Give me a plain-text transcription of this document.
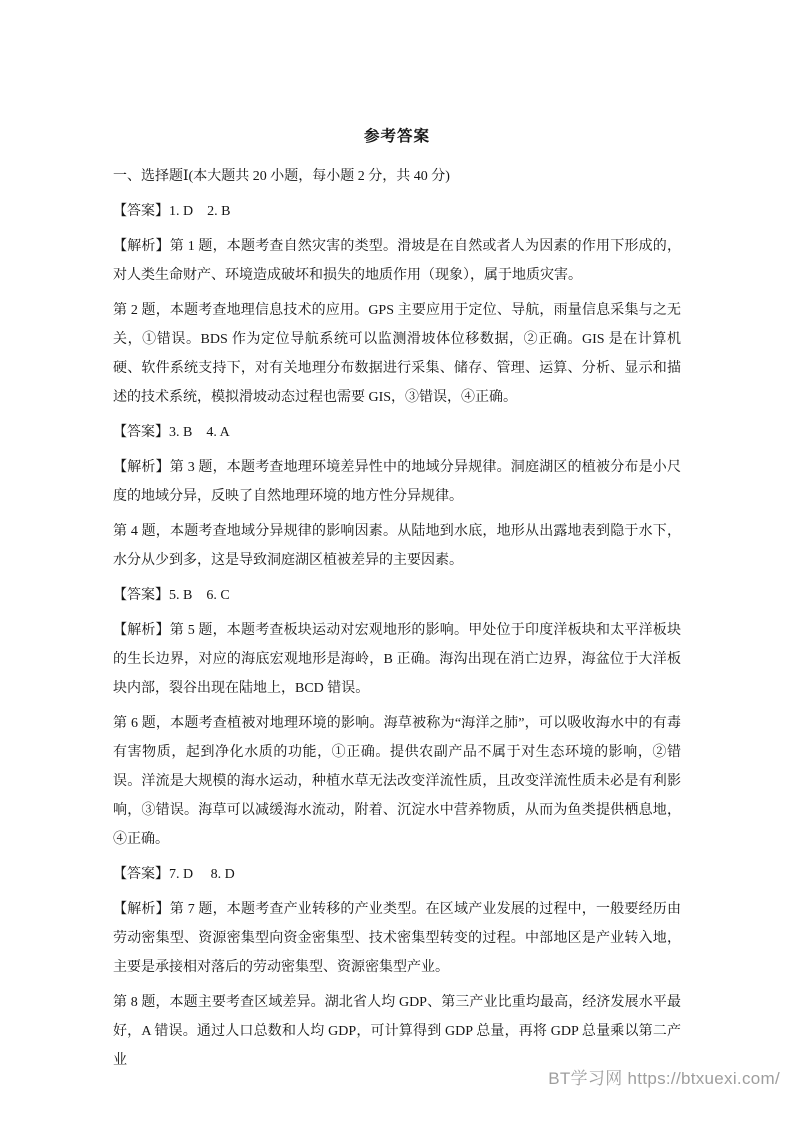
参考答案
一、选择题Ⅰ(本大题共 20 小题，每小题 2 分，共 40 分)
【答案】1. D　2. B
【解析】第 1 题，本题考查自然灾害的类型。滑坡是在自然或者人为因素的作用下形成的，对人类生命财产、环境造成破坏和损失的地质作用（现象），属于地质灾害。
第 2 题，本题考查地理信息技术的应用。GPS 主要应用于定位、导航，雨量信息采集与之无关，①错误。BDS 作为定位导航系统可以监测滑坡体位移数据，②正确。GIS 是在计算机硬、软件系统支持下，对有关地理分布数据进行采集、储存、管理、运算、分析、显示和描述的技术系统，模拟滑坡动态过程也需要 GIS，③错误，④正确。
【答案】3. B　4. A
【解析】第 3 题，本题考查地理环境差异性中的地域分异规律。洞庭湖区的植被分布是小尺度的地域分异，反映了自然地理环境的地方性分异规律。
第 4 题，本题考查地域分异规律的影响因素。从陆地到水底，地形从出露地表到隐于水下，水分从少到多，这是导致洞庭湖区植被差异的主要因素。
【答案】5. B　6. C
【解析】第 5 题，本题考查板块运动对宏观地形的影响。甲处位于印度洋板块和太平洋板块的生长边界，对应的海底宏观地形是海岭，B 正确。海沟出现在消亡边界，海盆位于大洋板块内部，裂谷出现在陆地上，BCD 错误。
第 6 题，本题考查植被对地理环境的影响。海草被称为“海洋之肺”，可以吸收海水中的有毒有害物质，起到净化水质的功能，①正确。提供农副产品不属于对生态环境的影响，②错误。洋流是大规模的海水运动，种植水草无法改变洋流性质，且改变洋流性质未必是有利影响，③错误。海草可以减缓海水流动，附着、沉淀水中营养物质，从而为鱼类提供栖息地，④正确。
【答案】7. D　 8. D
【解析】第 7 题，本题考查产业转移的产业类型。在区域产业发展的过程中，一般要经历由劳动密集型、资源密集型向资金密集型、技术密集型转变的过程。中部地区是产业转入地，主要是承接相对落后的劳动密集型、资源密集型产业。
第 8 题，本题主要考查区域差异。湖北省人均 GDP、第三产业比重均最高，经济发展水平最好，A 错误。通过人口总数和人均 GDP，可计算得到 GDP 总量，再将 GDP 总量乘以第二产业
BT学习网 https://btxuexi.com/
